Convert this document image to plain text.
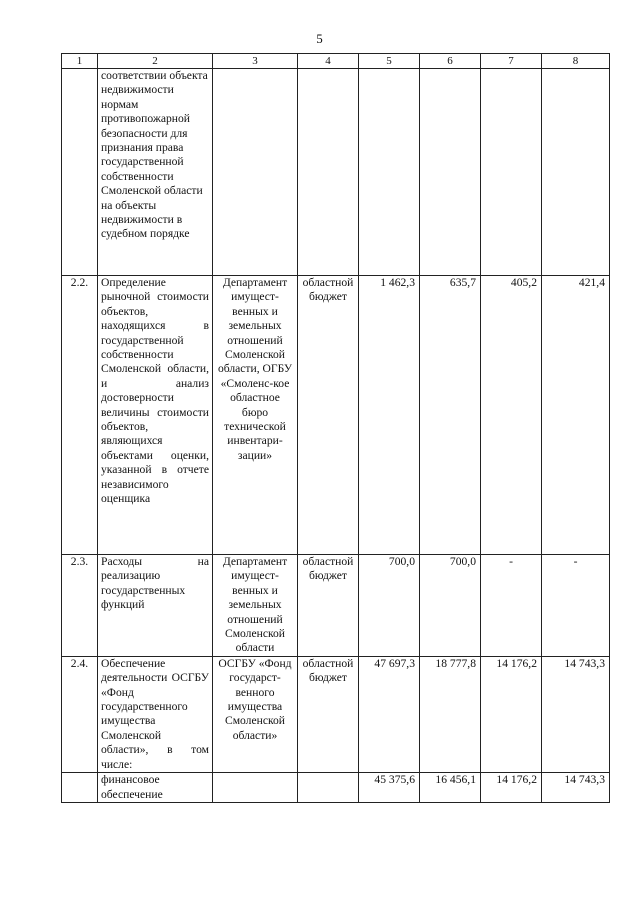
5
1	2	3	4	5	6	7	8
	соответствии объекта недвижимости нормам противопожарной безопасности для признания права государственной собственности Смоленской области на объекты недвижимости в судебном порядке						
2.2.	Определение рыночной стоимости объектов, находящихся в государственной собственности Смоленской области, и анализ достоверности величины стоимости объектов, являющихся объектами оценки, указанной в отчете независимого оценщика	Департамент имущест-венных и земельных отношений Смоленской области, ОГБУ «Смоленс-кое областное бюро технической инвентари-зации»	областной бюджет	1 462,3	635,7	405,2	421,4
2.3.	Расходы на реализацию государственных функций	Департамент имущест-венных и земельных отношений Смоленской области	областной бюджет	700,0	700,0	-	-
2.4.	Обеспечение деятельности ОСГБУ «Фонд государственного имущества Смоленской области», в том числе:	ОСГБУ «Фонд государст-венного имущества Смоленской области»	областной бюджет	47 697,3	18 777,8	14 176,2	14 743,3
	финансовое обеспечение			45 375,6	16 456,1	14 176,2	14 743,3
